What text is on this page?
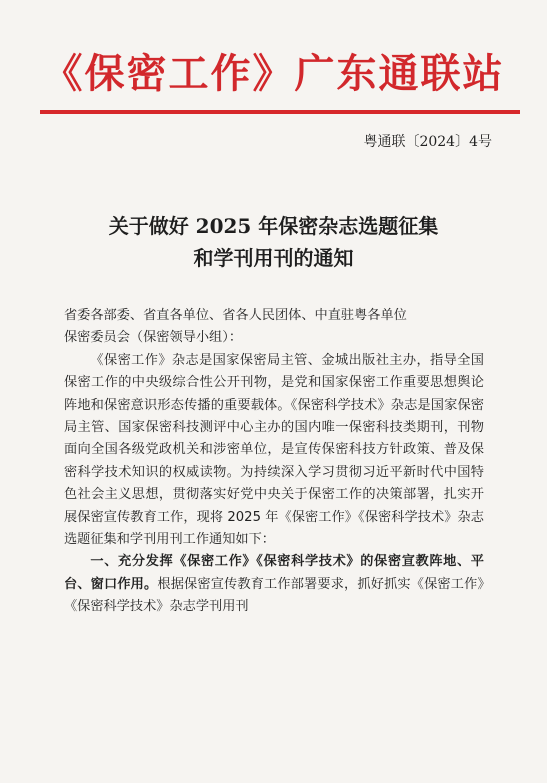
《保密工作》广东通联站
粤通联〔2024〕4号
关于做好 2025 年保密杂志选题征集
和学刊用刊的通知

省委各部委、省直各单位、省各人民团体、中直驻粤各单位

保密委员会（保密领导小组）：

《保密工作》杂志是国家保密局主管、金城出版社主办，指导全国保密工作的中央级综合性公开刊物，是党和国家保密工作重要思想舆论阵地和保密意识形态传播的重要载体。《保密科学技术》杂志是国家保密局主管、国家保密科技测评中心主办的国内唯一保密科技类期刊，刊物面向全国各级党政机关和涉密单位，是宣传保密科技方针政策、普及保密科学技术知识的权威读物。为持续深入学习贯彻习近平新时代中国特色社会主义思想，贯彻落实好党中央关于保密工作的决策部署，扎实开展保密宣传教育工作，现将 2025 年《保密工作》《保密科学技术》杂志选题征集和学刊用刊工作通知如下：

一、充分发挥《保密工作》《保密科学技术》的保密宣教阵地、平台、窗口作用。根据保密宣传教育工作部署要求，抓好抓实《保密工作》《保密科学技术》杂志学刊用刊
